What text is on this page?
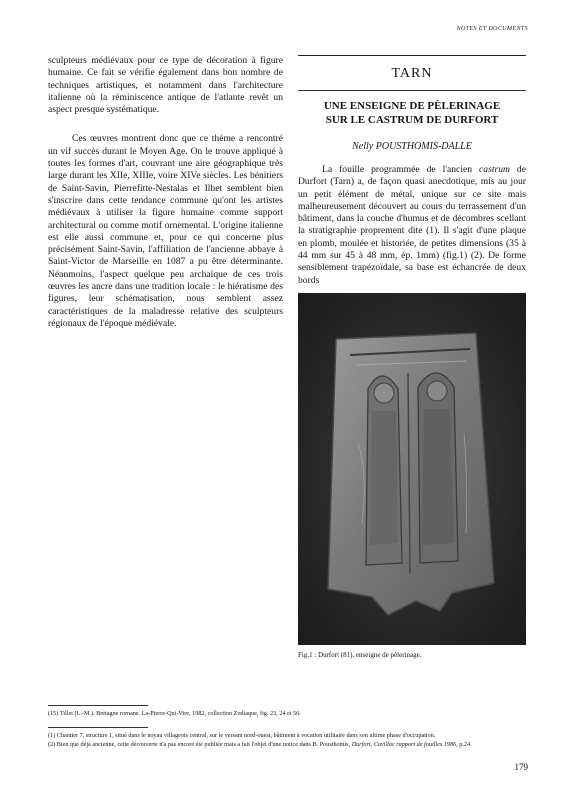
NOTES ET DOCUMENTS

sculpteurs médiévaux pour ce type de décoration à figure humaine. Ce fait se vérifie également dans bon nombre de techniques artistiques, et notamment dans l'architecture italienne où la réminiscence antique de l'atlante revêt un aspect presque systématique.

Ces œuvres montrent donc que ce thème a rencontré un vif succès durant le Moyen Age. On le trouve appliqué à toutes les formes d'art, couvrant une aire géographique très large durant les XIIe, XIIIe, voire XIVe siècles. Les bénitiers de Saint-Savin, Pierrefitte-Nestalas et Ilhet semblent bien s'inscrire dans cette tendance commune qu'ont les artistes médiévaux à utiliser la figure humaine comme support architectural ou comme motif ornemental. L'origine italienne est elle aussi commune et, pour ce qui concerne plus précisément Saint-Savin, l'affiliation de l'ancienne abbaye à Saint-Victor de Marseille en 1087 a pu être déterminante. Néanmoins, l'aspect quelque peu archaïque de ces trois œuvres les ancre dans une tradition locale : le hiératisme des figures, leur schématisation, nous semblent assez caractéristiques de la maladresse relative des sculpteurs régionaux de l'époque médiévale.

TARN
UNE ENSEIGNE DE PÈLERINAGE
SUR LE CASTRUM DE DURFORT
Nelly POUSTHOMIS-DALLE

La fouille programmée de l'ancien castrum de Durfort (Tarn) a, de façon quasi anecdotique, mis au jour un petit élément de métal, unique sur ce site mais malheureusement découvert au cours du terrassement d'un bâtiment, dans la couche d'humus et de décombres scellant la stratigraphie proprement dite (1). Il s'agit d'une plaque en plomb, moulée et historiée, de petites dimensions (35 à 44 mm sur 45 à 48 mm, ép. 1mm) (fig.1) (2). De forme sensiblement trapézoïdale, sa base est échancrée de deux bords

Fig.1 : Durfort (81), enseigne de pèlerinage.
(15) Tillet (L.-M.). Bretagne romane. La-Pierre-Qui-Vire, 1982, collection Zodiaque, fig. 23, 24 et 56.
(1) Chantier 7, structure 1, situé dans le noyau villageois central, sur le versant nord-ouest, bâtiment à vocation utilitaire dans son ultime phase d'occupation.
(2) Bien que déjà ancienne, cette découverte n'a pas encore été publiée mais a fait l'objet d'une notice dans B. Pousthomis, Durfort, Cavillac rapport de fouilles 1986, p.24.
179
